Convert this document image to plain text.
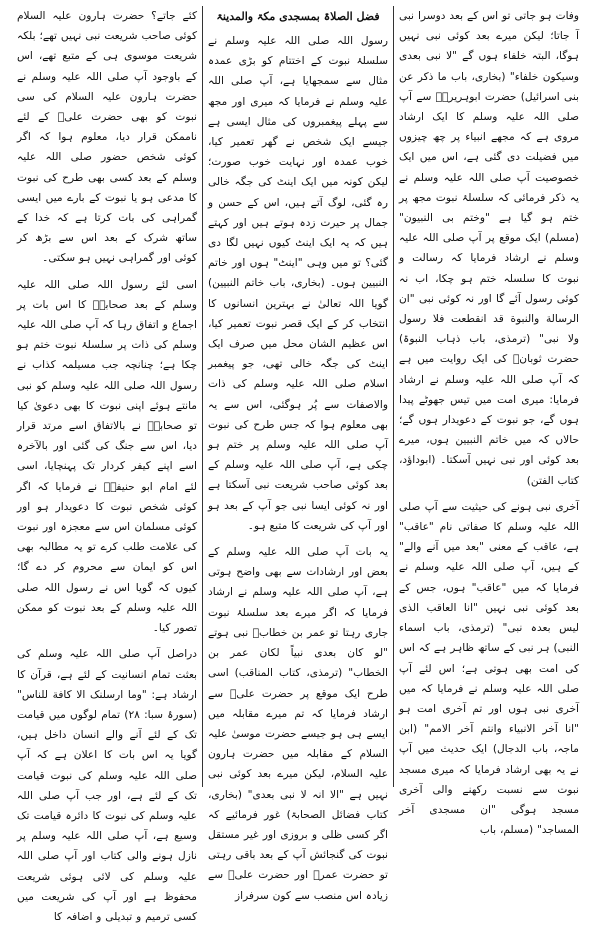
وفات ہو جاتی تو اس کے بعد دوسرا نبی آ جاتا؛ لیکن میرے بعد کوئی نبی نہیں ہوگا، البتہ خلفاء ہوں گے "لا نبی بعدی وسیکون خلفاء" (بخاری، باب ما ذکر عن بنی اسرائیل) حضرت ابوہریرہؓ سے آپ صلی اللہ علیہ وسلم کا ایک ارشاد مروی ہے کہ مجھے انبیاء پر چھ چیزوں میں فضیلت دی گئی ہے، اس میں ایک خصوصیت آپ صلی اللہ علیہ وسلم نے یہ ذکر فرمائی کہ سلسلۂ نبوت مجھ پر ختم ہو گیا ہے "وختم بی النبیون" (مسلم) ایک موقع پر آپ صلی اللہ علیہ وسلم نے ارشاد فرمایا کہ رسالت و نبوت کا سلسلہ ختم ہو چکا، اب نہ کوئی رسول آئے گا اور نہ کوئی نبی "ان الرسالة والنبوة قد انقطعت فلا رسول ولا نبی" (ترمذی، باب ذہاب النبوۃ) حضرت ثوبانؓ کی ایک روایت میں ہے کہ آپ صلی اللہ علیہ وسلم نے ارشاد فرمایا: میری امت میں تیس جھوٹے پیدا ہوں گے، جو نبوت کے دعویدار ہوں گے؛ حالاں کہ میں خاتم النبیین ہوں، میرے بعد کوئی اور نبی نہیں آسکتا۔ (ابوداؤد، کتاب الفتن)

آخری نبی ہونے کی حیثیت سے آپ صلی اللہ علیہ وسلم کا صفاتی نام "عاقب" ہے، عاقب کے معنی "بعد میں آنے والے" کے ہیں، آپ صلی اللہ علیہ وسلم نے فرمایا کہ میں "عاقب" ہوں، جس کے بعد کوئی نبی نہیں "انا العاقب الذی لیس بعدہ نبی" (ترمذی، باب اسماء النبی) ہر نبی کے ساتھ ظاہر ہے کہ اس کی امت بھی ہوتی ہے؛ اس لئے آپ صلی اللہ علیہ وسلم نے فرمایا کہ میں آخری نبی ہوں اور تم آخری امت ہو "انا آخر الانبیاء وانتم آخر الامم" (ابن ماجہ، باب الدجال) ایک حدیث میں آپ نے یہ بھی ارشاد فرمایا کہ میری مسجد نبوت سے نسبت رکھنے والی آخری مسجد ہوگی "ان مسجدی آخر المساجد" (مسلم، باب

فضل الصلاۃ بمسجدی مکۃ والمدینۃ

رسول اللہ صلی اللہ علیہ وسلم نے سلسلۂ نبوت کے اختتام کو بڑی عمدہ مثال سے سمجھایا ہے، آپ صلی اللہ علیہ وسلم نے فرمایا کہ میری اور مجھ سے پہلے پیغمبروں کی مثال ایسی ہے جیسے ایک شخص نے گھر تعمیر کیا، خوب عمدہ اور نہایت خوب صورت؛ لیکن کونہ میں ایک اینٹ کی جگہ خالی رہ گئی، لوگ آتے ہیں، اس کے حسن و جمال پر حیرت زدہ ہوتے ہیں اور کہتے ہیں کہ یہ ایک اینٹ کیوں نہیں لگا دی گئی؟ تو میں وہی "اینٹ" ہوں اور خاتم النبیین ہوں۔ (بخاری، باب خاتم النبیین) گویا اللہ تعالیٰ نے بہترین انسانوں کا انتخاب کر کے ایک قصر نبوت تعمیر کیا، اس عظیم الشان محل میں صرف ایک اینٹ کی جگہ خالی تھی، جو پیغمبر اسلام صلی اللہ علیہ وسلم کی ذات والاصفات سے پُر ہوگئی، اس سے یہ بھی معلوم ہوا کہ جس طرح کی نبوت آپ صلی اللہ علیہ وسلم پر ختم ہو چکی ہے، آپ صلی اللہ علیہ وسلم کے بعد کوئی صاحب شریعت نبی آسکتا ہے اور نہ کوئی ایسا نبی جو آپ کے بعد ہو اور آپ کی شریعت کا متبع ہو۔

یہ بات آپ صلی اللہ علیہ وسلم کے بعض اور ارشادات سے بھی واضح ہوتی ہے، آپ صلی اللہ علیہ وسلم نے ارشاد فرمایا کہ اگر میرے بعد سلسلۂ نبوت جاری رہتا تو عمر بن خطابؓ نبی ہوتے "لو کان بعدی نبیاً لکان عمر بن الخطاب" (ترمذی، کتاب المناقب) اسی طرح ایک موقع پر حضرت علیؓ سے ارشاد فرمایا کہ تم میرے مقابلہ میں ایسے ہی ہو جیسے حضرت موسیٰ علیہ السلام کے مقابلہ میں حضرت ہارون علیہ السلام، لیکن میرے بعد کوئی نبی نہیں ہے "الا انہ لا نبی بعدی" (بخاری، کتاب فضائل الصحابۃ) غور فرمائیے کہ اگر کسی ظلی و بروزی اور غیر مستقل نبوت کی گنجائش آپ کے بعد باقی رہتی تو حضرت عمرؓ اور حضرت علیؓ سے زیادہ اس منصب سے کون سرفراز

کئے جاتے؟ حضرت ہارون علیہ السلام کوئی صاحب شریعت نبی نہیں تھے؛ بلکہ شریعت موسوی ہی کے متبع تھے، اس کے باوجود آپ صلی اللہ علیہ وسلم نے حضرت ہارون علیہ السلام کی سی نبوت کو بھی حضرت علیؓ کے لئے ناممکن قرار دیا، معلوم ہوا کہ اگر کوئی شخص حضور صلی اللہ علیہ وسلم کے بعد کسی بھی طرح کی نبوت کا مدعی ہو یا نبوت کے بارے میں ایسی گمراہی کی بات کرتا ہے کہ خدا کے ساتھ شرک کے بعد اس سے بڑھ کر کوئی اور گمراہی نہیں ہو سکتی۔

اسی لئے رسول اللہ صلی اللہ علیہ وسلم کے بعد صحابہؓ کا اس بات پر اجماع و اتفاق رہا کہ آپ صلی اللہ علیہ وسلم کی ذات پر سلسلۂ نبوت ختم ہو چکا ہے؛ چنانچہ جب مسیلمہ کذاب نے رسول اللہ صلی اللہ علیہ وسلم کو نبی مانتے ہوئے اپنی نبوت کا بھی دعویٰ کیا تو صحابہؓ نے بالاتفاق اسے مرتد قرار دیا، اس سے جنگ کی گئی اور بالآخرہ اسے اپنے کیفر کردار تک پہنچایا، اسی لئے امام ابو حنیفہؒ نے فرمایا کہ اگر کوئی شخص نبوت کا دعویدار ہو اور کوئی مسلمان اس سے معجزہ اور نبوت کی علامت طلب کرے تو یہ مطالبہ بھی اس کو ایمان سے محروم کر دے گا؛ کیوں کہ گویا اس نے رسول اللہ صلی اللہ علیہ وسلم کے بعد نبوت کو ممکن تصور کیا۔

دراصل آپ صلی اللہ علیہ وسلم کی بعثت تمام انسانیت کے لئے ہے، قرآن کا ارشاد ہے: "وما ارسلنک الا کافة للناس" (سورۂ سبا: ۲۸) تمام لوگوں میں قیامت تک کے لئے آنے والے انسان داخل ہیں، گویا یہ اس بات کا اعلان ہے کہ آپ صلی اللہ علیہ وسلم کی نبوت قیامت تک کے لئے ہے، اور جب آپ صلی اللہ علیہ وسلم کی نبوت کا دائرہ قیامت تک وسیع ہے، آپ صلی اللہ علیہ وسلم پر نازل ہونے والی کتاب اور آپ صلی اللہ علیہ وسلم کی لائی ہوئی شریعت محفوظ ہے اور آپ کی شریعت میں کسی ترمیم و تبدیلی و اضافہ کا
